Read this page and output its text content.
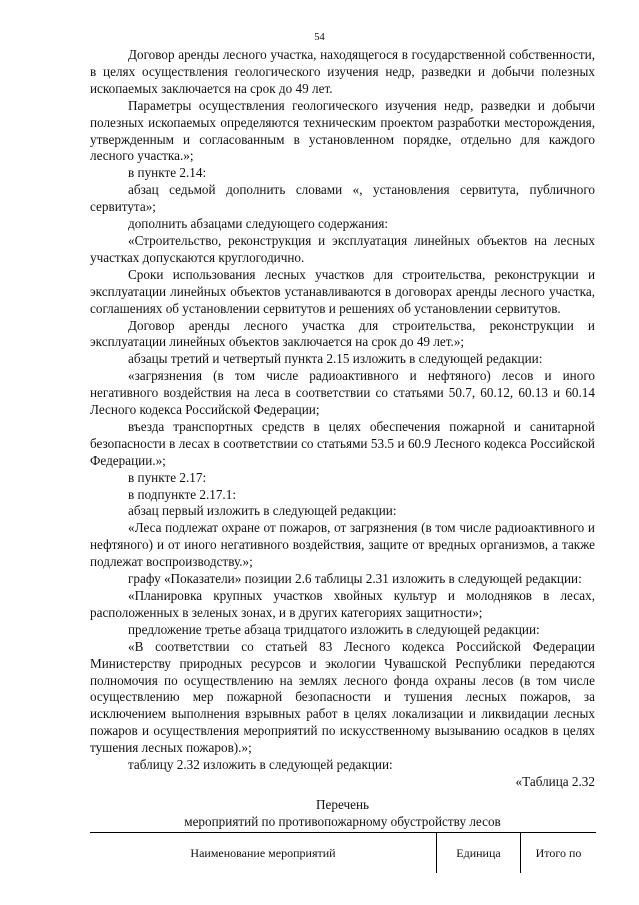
54

Договор аренды лесного участка, находящегося в государственной собственности, в целях осуществления геологического изучения недр, разведки и добычи полезных ископаемых заключается на срок до 49 лет.

Параметры осуществления геологического изучения недр, разведки и добычи полезных ископаемых определяются техническим проектом разработки месторождения, утвержденным и согласованным в установленном порядке, отдельно для каждого лесного участка.»;

в пункте 2.14:

абзац седьмой дополнить словами «, установления сервитута, публичного сервитута»;

дополнить абзацами следующего содержания:

«Строительство, реконструкция и эксплуатация линейных объектов на лесных участках допускаются круглогодично.

Сроки использования лесных участков для строительства, реконструкции и эксплуатации линейных объектов устанавливаются в договорах аренды лесного участка, соглашениях об установлении сервитутов и решениях об установлении сервитутов.

Договор аренды лесного участка для строительства, реконструкции и эксплуатации линейных объектов заключается на срок до 49 лет.»;

абзацы третий и четвертый пункта 2.15 изложить в следующей редакции:

«загрязнения (в том числе радиоактивного и нефтяного) лесов и иного негативного воздействия на леса в соответствии со статьями 50.7, 60.12, 60.13 и 60.14 Лесного кодекса Российской Федерации;

въезда транспортных средств в целях обеспечения пожарной и санитарной безопасности в лесах в соответствии со статьями 53.5 и 60.9 Лесного кодекса Российской Федерации.»;

в пункте 2.17:

в подпункте 2.17.1:

абзац первый изложить в следующей редакции:

«Леса подлежат охране от пожаров, от загрязнения (в том числе радиоактивного и нефтяного) и от иного негативного воздействия, защите от вредных организмов, а также подлежат воспроизводству.»;

графу «Показатели» позиции 2.6 таблицы 2.31 изложить в следующей редакции:

«Планировка крупных участков хвойных культур и молодняков в лесах, расположенных в зеленых зонах, и в других категориях защитности»;

предложение третье абзаца тридцатого изложить в следующей редакции:

«В соответствии со статьей 83 Лесного кодекса Российской Федерации Министерству природных ресурсов и экологии Чувашской Республики передаются полномочия по осуществлению на землях лесного фонда охраны лесов (в том числе осуществлению мер пожарной безопасности и тушения лесных пожаров, за исключением выполнения взрывных работ в целях локализации и ликвидации лесных пожаров и осуществления мероприятий по искусственному вызыванию осадков в целях тушения лесных пожаров).»;

таблицу 2.32 изложить в следующей редакции:

«Таблица 2.32

Перечень

мероприятий по противопожарному обустройству лесов

Наименование мероприятий	Единица	Итого по
